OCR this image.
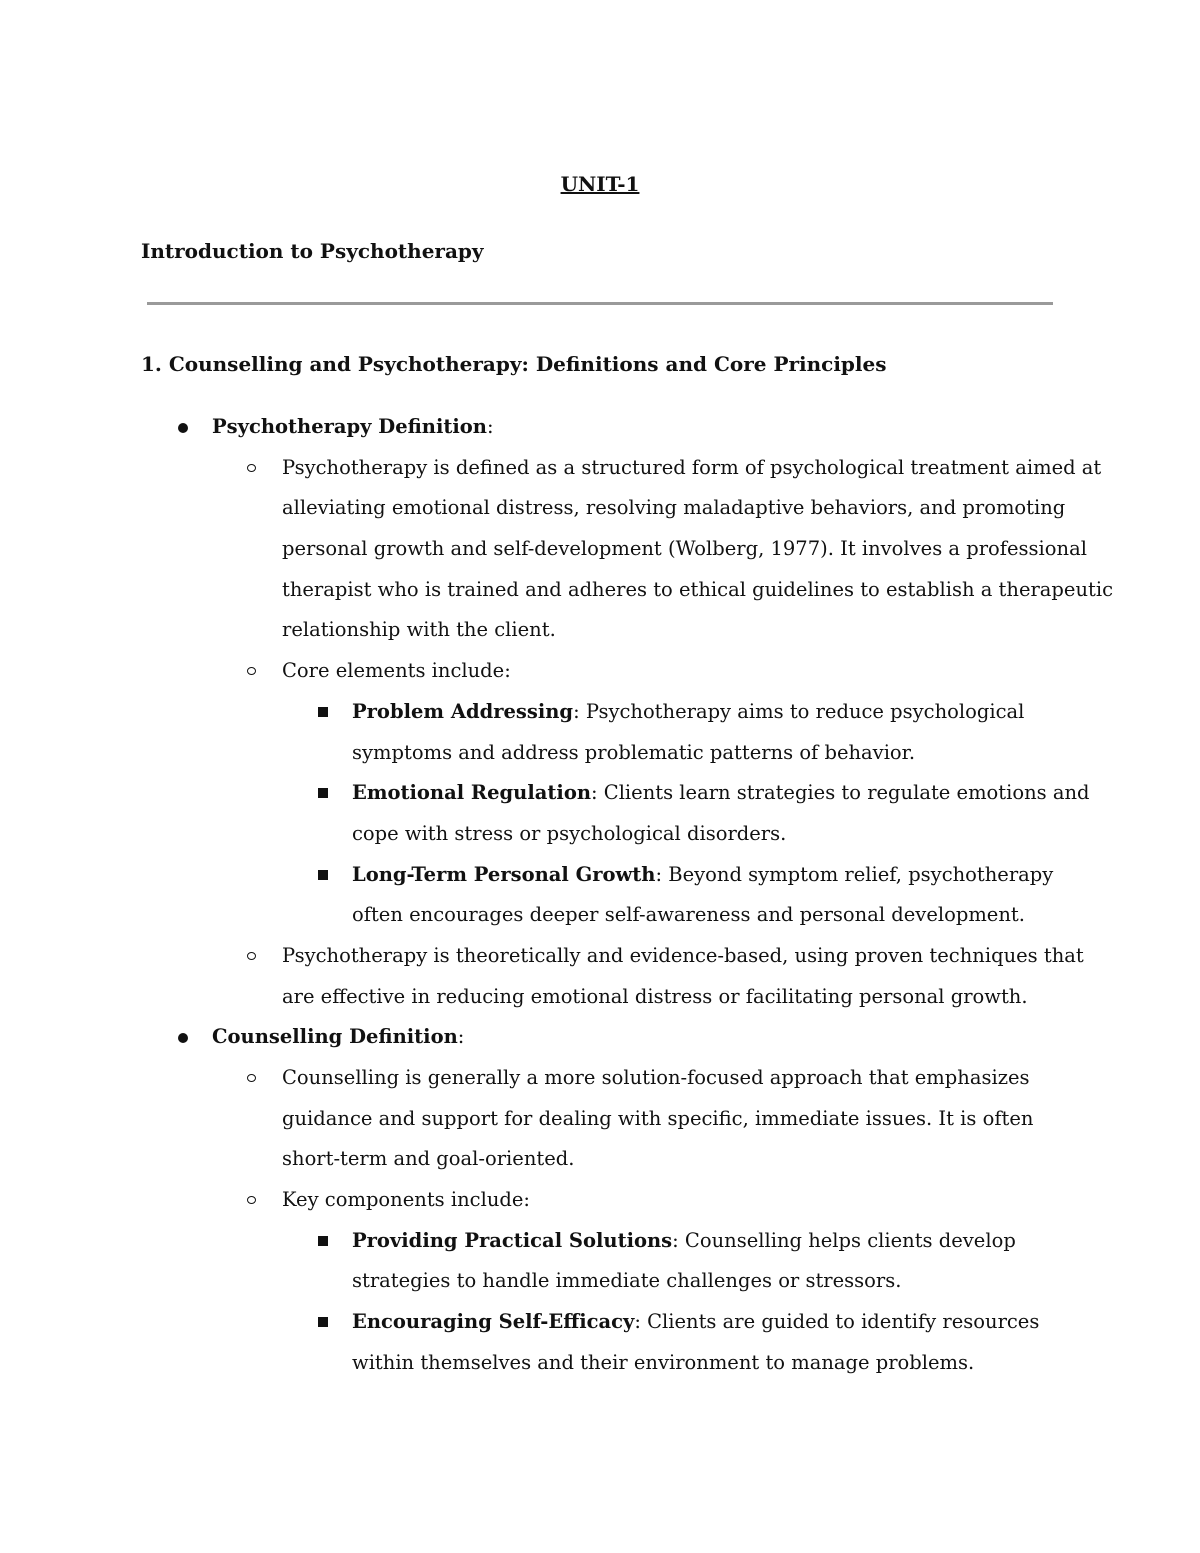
UNIT-1
Introduction to Psychotherapy
1. Counselling and Psychotherapy: Definitions and Core Principles
Psychotherapy Definition:
Psychotherapy is defined as a structured form of psychological treatment aimed at
alleviating emotional distress, resolving maladaptive behaviors, and promoting
personal growth and self-development (Wolberg, 1977). It involves a professional
therapist who is trained and adheres to ethical guidelines to establish a therapeutic
relationship with the client.
Core elements include:
Problem Addressing: Psychotherapy aims to reduce psychological
symptoms and address problematic patterns of behavior.
Emotional Regulation: Clients learn strategies to regulate emotions and
cope with stress or psychological disorders.
Long-Term Personal Growth: Beyond symptom relief, psychotherapy
often encourages deeper self-awareness and personal development.
Psychotherapy is theoretically and evidence-based, using proven techniques that
are effective in reducing emotional distress or facilitating personal growth.
Counselling Definition:
Counselling is generally a more solution-focused approach that emphasizes
guidance and support for dealing with specific, immediate issues. It is often
short-term and goal-oriented.
Key components include:
Providing Practical Solutions: Counselling helps clients develop
strategies to handle immediate challenges or stressors.
Encouraging Self-Efficacy: Clients are guided to identify resources
within themselves and their environment to manage problems.
